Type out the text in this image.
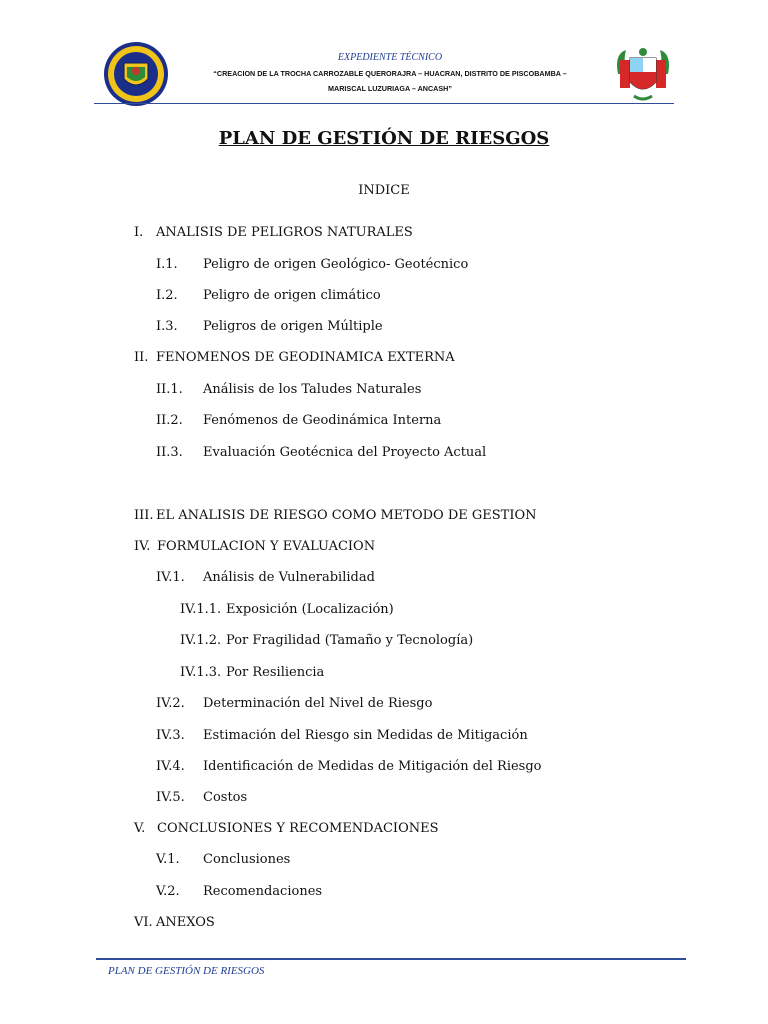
EXPEDIENTE TÉCNICO
“CREACION DE LA TROCHA CARROZABLE QUERORAJRA – HUACRAN, DISTRITO DE PISCOBAMBA –
MARISCAL LUZURIAGA – ANCASH”
PLAN DE GESTIÓN DE RIESGOS
INDICE
I. ANALISIS DE PELIGROS NATURALES
I.1. Peligro de origen Geológico- Geotécnico
I.2. Peligro de origen climático
I.3. Peligros de origen Múltiple
II. FENOMENOS DE GEODINAMICA EXTERNA
II.1. Análisis de los Taludes Naturales
II.2. Fenómenos de Geodinámica Interna
II.3. Evaluación Geotécnica del Proyecto Actual
III. EL ANALISIS DE RIESGO COMO METODO DE GESTION
IV. FORMULACION Y EVALUACION
IV.1. Análisis de Vulnerabilidad
IV.1.1. Exposición (Localización)
IV.1.2. Por Fragilidad (Tamaño y Tecnología)
IV.1.3. Por Resiliencia
IV.2. Determinación del Nivel de Riesgo
IV.3. Estimación del Riesgo sin Medidas de Mitigación
IV.4. Identificación de Medidas de Mitigación del Riesgo
IV.5. Costos
V. CONCLUSIONES Y RECOMENDACIONES
V.1. Conclusiones
V.2. Recomendaciones
VI. ANEXOS
PLAN DE GESTIÓN DE RIESGOS
